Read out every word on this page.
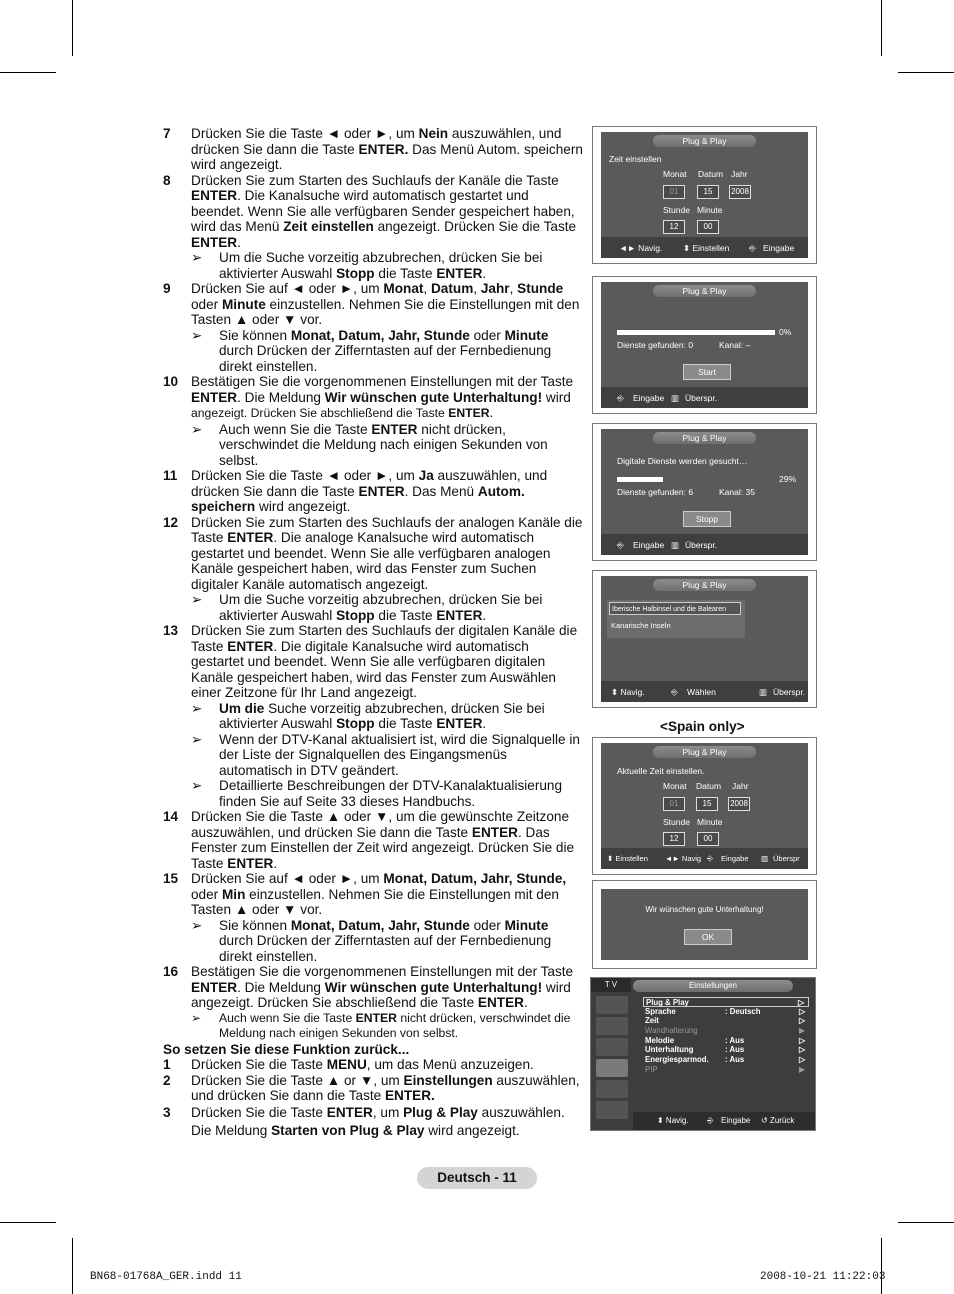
7 Drücken Sie die Taste ◄ oder ►, um Nein auszuwählen, und drücken Sie dann die Taste ENTER. Das Menü Autom. speichern wird angezeigt.
8 Drücken Sie zum Starten des Suchlaufs der Kanäle die Taste ENTER. Die Kanalsuche wird automatisch gestartet und beendet. Wenn Sie alle verfügbaren Sender gespeichert haben, wird das Menü Zeit einstellen angezeigt. Drücken Sie die Taste ENTER.
➢ Um die Suche vorzeitig abzubrechen, drücken Sie bei aktivierter Auswahl Stopp die Taste ENTER.
9 Drücken Sie auf ◄ oder ►, um Monat, Datum, Jahr, Stunde oder Minute einzustellen. Nehmen Sie die Einstellungen mit den Tasten ▲ oder ▼ vor.
➢ Sie können Monat, Datum, Jahr, Stunde oder Minute durch Drücken der Zifferntasten auf der Fernbedienung direkt einstellen.
10 Bestätigen Sie die vorgenommenen Einstellungen mit der Taste ENTER. Die Meldung Wir wünschen gute Unterhaltung! wird angezeigt. Drücken Sie abschließend die Taste ENTER.
➢ Auch wenn Sie die Taste ENTER nicht drücken, verschwindet die Meldung nach einigen Sekunden von selbst.
11 Drücken Sie die Taste ◄ oder ►, um Ja auszuwählen, und drücken Sie dann die Taste ENTER. Das Menü Autom. speichern wird angezeigt.
12 Drücken Sie zum Starten des Suchlaufs der analogen Kanäle die Taste ENTER. Die analoge Kanalsuche wird automatisch gestartet und beendet. Wenn Sie alle verfügbaren analogen Kanäle gespeichert haben, wird das Fenster zum Suchen digitaler Kanäle automatisch angezeigt.
➢ Um die Suche vorzeitig abzubrechen, drücken Sie bei aktivierter Auswahl Stopp die Taste ENTER.
13 Drücken Sie zum Starten des Suchlaufs der digitalen Kanäle die Taste ENTER. Die digitale Kanalsuche wird automatisch gestartet und beendet. Wenn Sie alle verfügbaren digitalen Kanäle gespeichert haben, wird das Fenster zum Auswählen einer Zeitzone für Ihr Land angezeigt.
➢ Um die Suche vorzeitig abzubrechen, drücken Sie bei aktivierter Auswahl Stopp die Taste ENTER.
➢ Wenn der DTV-Kanal aktualisiert ist, wird die Signalquelle in der Liste der Signalquellen des Eingangsmenüs automatisch in DTV geändert.
➢ Detaillierte Beschreibungen der DTV-Kanalaktualisierung finden Sie auf Seite 33 dieses Handbuchs.
14 Drücken Sie die Taste ▲ oder ▼, um die gewünschte Zeitzone auszuwählen, und drücken Sie dann die Taste ENTER. Das Fenster zum Einstellen der Zeit wird angezeigt. Drücken Sie die Taste ENTER.
15 Drücken Sie auf ◄ oder ►, um Monat, Datum, Jahr, Stunde, oder Min einzustellen. Nehmen Sie die Einstellungen mit den Tasten ▲ oder ▼ vor.
➢ Sie können Monat, Datum, Jahr, Stunde oder Minute durch Drücken der Zifferntasten auf der Fernbedienung direkt einstellen.
16 Bestätigen Sie die vorgenommenen Einstellungen mit der Taste ENTER. Die Meldung Wir wünschen gute Unterhaltung! wird angezeigt. Drücken Sie abschließend die Taste ENTER.
➢ Auch wenn Sie die Taste ENTER nicht drücken, verschwindet die Meldung nach einigen Sekunden von selbst.
So setzen Sie diese Funktion zurück...
1 Drücken Sie die Taste MENU, um das Menü anzuzeigen.
2 Drücken Sie die Taste ▲ or ▼, um Einstellungen auszuwählen, und drücken Sie dann die Taste ENTER.
3 Drücken Sie die Taste ENTER, um Plug & Play auszuwählen. Die Meldung Starten von Plug & Play wird angezeigt.
Plug & Play
Zeit einstellen
Monat Datum Jahr
01	15	2008
Stunde Minute
12	00
◄► Navig. ⬍ Einstellen ⎆ Eingabe
Plug & Play
0%
Dienste gefunden: 0	Kanal: –
Start
⎆ Eingabe ▥ Überspr.
Plug & Play
Digitale Dienste werden gesucht…
29%
Dienste gefunden: 6	Kanal: 35
Stopp
⎆ Eingabe ▥ Überspr.
Plug & Play
Iberische Halbinsel und die Balearen
Kanarische Inseln
⬍ Navig.	⎆ Wählen	▥ Überspr.
<Spain only>
Plug & Play
Aktuelle Zeit einstellen.
Monat Datum Jahr
01	15	2008
Stunde Minute
12	00
⬍ Einstellen ◄► Navig ⎆ Eingabe ▥ Überspr
Wir wünschen gute Unterhaltung!
OK
T V	Einstellungen
Plug & Play	▷
Sprache	: Deutsch	▷
Zeit	▷
Wandhalterung	▶
Melodie	: Aus	▷
Unterhaltung	: Aus	▷
Energiesparmod. : Aus	▷
PIP	▶
⬍ Navig. ⎆ Eingabe ↺ Zurück
Deutsch - 11
BN68-01768A_GER.indd 11	2008-10-21 11:22:03
